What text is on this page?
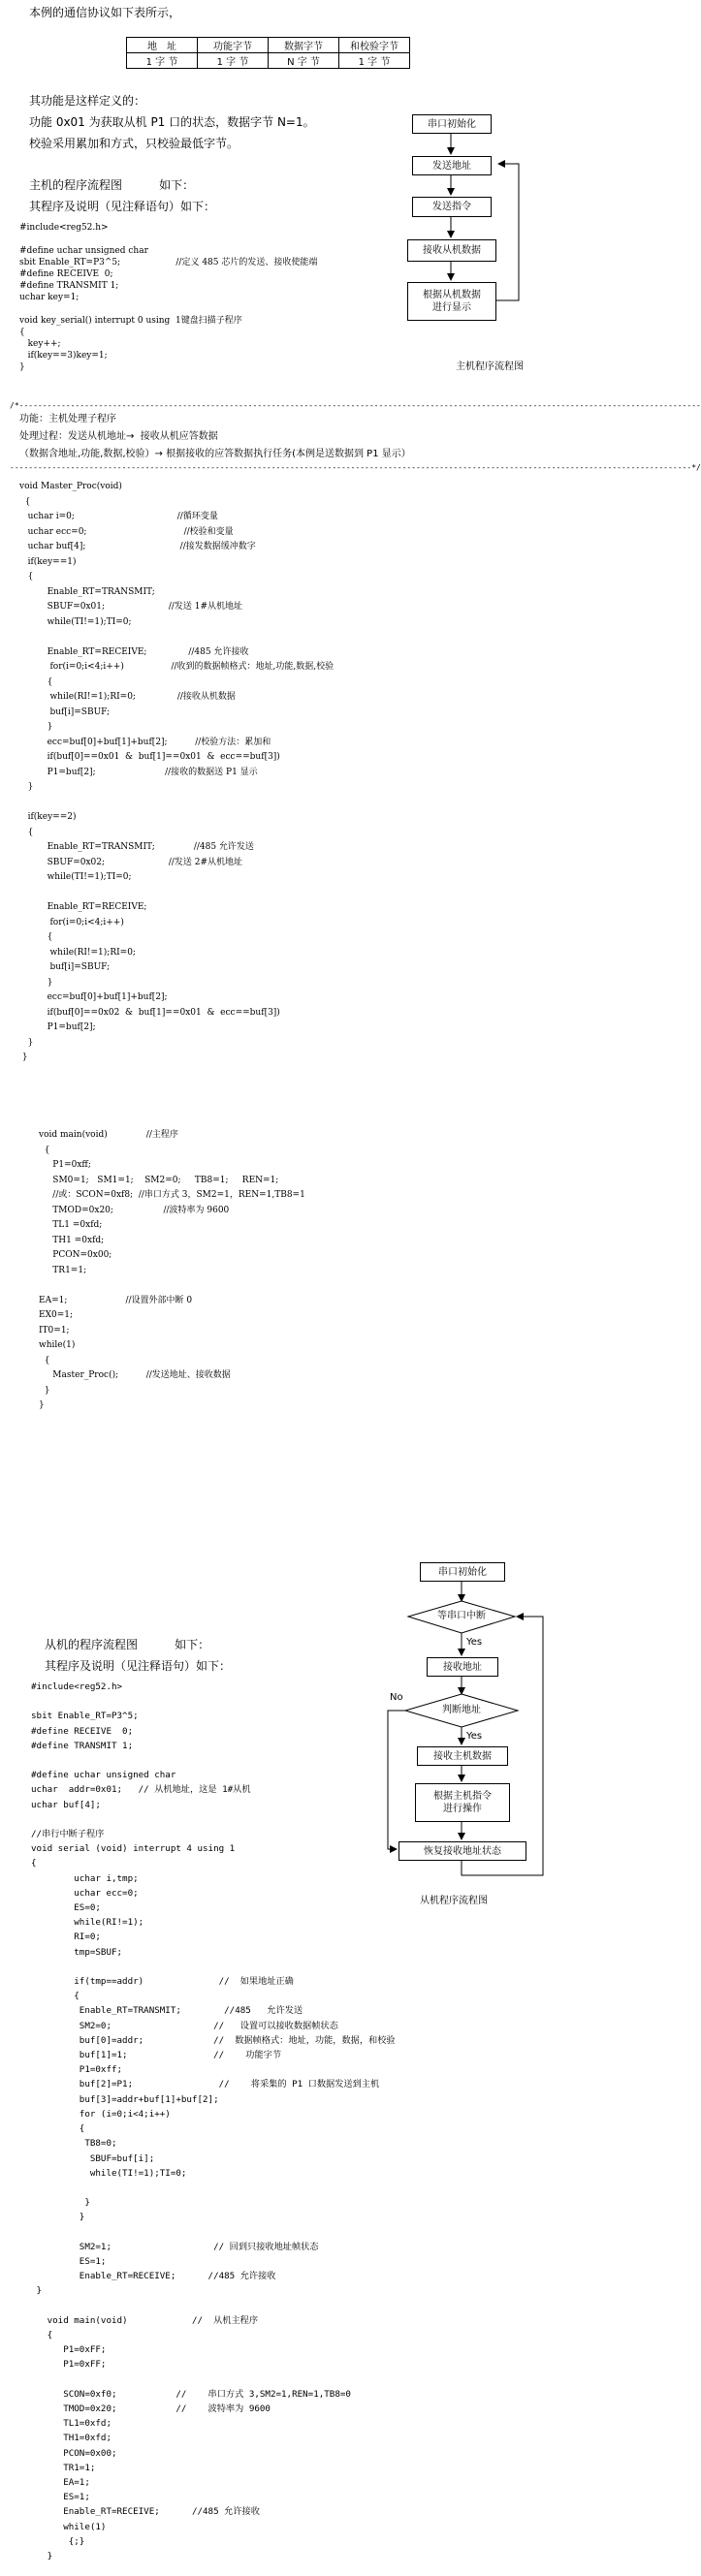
本例的通信协议如下表所示，
地　址	功能字节	数据字节	和校验字节
1 字 节	1 字 节	N 字 节	1 字 节
其功能是这样定义的：
功能 0x01 为获取从机 P1 口的状态，数据字节 N=1。
校验采用累加和方式，只校验最低字节。
主机的程序流程图          如下：
其程序及说明（见注释语句）如下：
#include<reg52.h>

#define uchar unsigned char
sbit Enable_RT=P3^5;                    //定义 485 芯片的发送、接收使能端
#define RECEIVE  0;
#define TRANSMIT 1;
uchar key=1;

void key_serial() interrupt 0 using  1键盘扫描子程序
{
key++;
if(key==3)key=1;
}
串口初始化
发送地址
发送指令
接收从机数据
根据从机数据
进行显示
主机程序流程图
/*--------------------------------------------------------------------------------------------------------------------------------------------------
功能：主机处理子程序
处理过程：发送从机地址→  接收从机应答数据
（数据含地址,功能,数据,校验）→ 根据接收的应答数据执行任务(本例是送数据到 P1 显示）
--------------------------------------------------------------------------------------------------------------------------------------------------*/
void Master_Proc(void)
{
uchar i=0;                                     //循环变量
uchar ecc=0;                                   //校验和变量
uchar buf[4];                                  //接发数据缓冲数字
if(key==1)
{
Enable_RT=TRANSMIT;
SBUF=0x01;                       //发送 1#从机地址
while(TI!=1);TI=0;

Enable_RT=RECEIVE;               //485 允许接收
for(i=0;i<4;i++)                 //收到的数据帧格式：地址,功能,数据,校验
{
while(RI!=1);RI=0;               //接收从机数据
buf[i]=SBUF;
}
ecc=buf[0]+buf[1]+buf[2];          //校验方法：累加和
if(buf[0]==0x01  &  buf[1]==0x01  &  ecc==buf[3])
P1=buf[2];                         //接收的数据送 P1 显示
}

if(key==2)
{
Enable_RT=TRANSMIT;              //485 允许发送
SBUF=0x02;                       //发送 2#从机地址
while(TI!=1);TI=0;

Enable_RT=RECEIVE;
for(i=0;i<4;i++)
{
while(RI!=1);RI=0;
buf[i]=SBUF;
}
ecc=buf[0]+buf[1]+buf[2];
if(buf[0]==0x02  &  buf[1]==0x01  &  ecc==buf[3])
P1=buf[2];
}
}
void main(void)              //主程序
{
P1=0xff;
SM0=1;   SM1=1;    SM2=0;     TB8=1;     REN=1;
//或：SCON=0xf8;  //串口方式 3，SM2=1，REN=1,TB8=1
TMOD=0x20;                  //波特率为 9600
TL1 =0xfd;
TH1 =0xfd;
PCON=0x00;
TR1=1;

EA=1;                     //设置外部中断 0
EX0=1;
IT0=1;
while(1)
{
Master_Proc();          //发送地址、接收数据
}
}
从机的程序流程图          如下：
其程序及说明（见注释语句）如下：
串口初始化
等串口中断
Yes
接收地址
判断地址
No
Yes
接收主机数据
根据主机指令
进行操作
恢复接收地址状态
从机程序流程图
#include<reg52.h>

sbit Enable_RT=P3^5;
#define RECEIVE  0;
#define TRANSMIT 1;

#define uchar unsigned char
uchar  addr=0x01;   // 从机地址，这是 1#从机
uchar buf[4];

//串行中断子程序
void serial (void) interrupt 4 using 1
{
uchar i,tmp;
uchar ecc=0;
ES=0;
while(RI!=1);
RI=0;
tmp=SBUF;

if(tmp==addr)              //  如果地址正确
{
Enable_RT=TRANSMIT;        //485   允许发送
SM2=0;                   //   设置可以接收数据帧状态
buf[0]=addr;             //  数据帧格式：地址，功能，数据，和校验
buf[1]=1;                //    功能字节
P1=0xff;
buf[2]=P1;                //    将采集的 P1 口数据发送到主机
buf[3]=addr+buf[1]+buf[2];
for (i=0;i<4;i++)
{
TB8=0;
SBUF=buf[i];
while(TI!=1);TI=0;

}
}

SM2=1;                   // 回到只接收地址帧状态
ES=1;
Enable_RT=RECEIVE;      //485 允许接收
}

void main(void)            //  从机主程序
{
P1=0xFF;
P1=0xFF;

SCON=0xf0;           //    串口方式 3,SM2=1,REN=1,TB8=0
TMOD=0x20;           //    波特率为 9600
TL1=0xfd;
TH1=0xfd;
PCON=0x00;
TR1=1;
EA=1;
ES=1;
Enable_RT=RECEIVE;      //485 允许接收
while(1)
{;}
}
